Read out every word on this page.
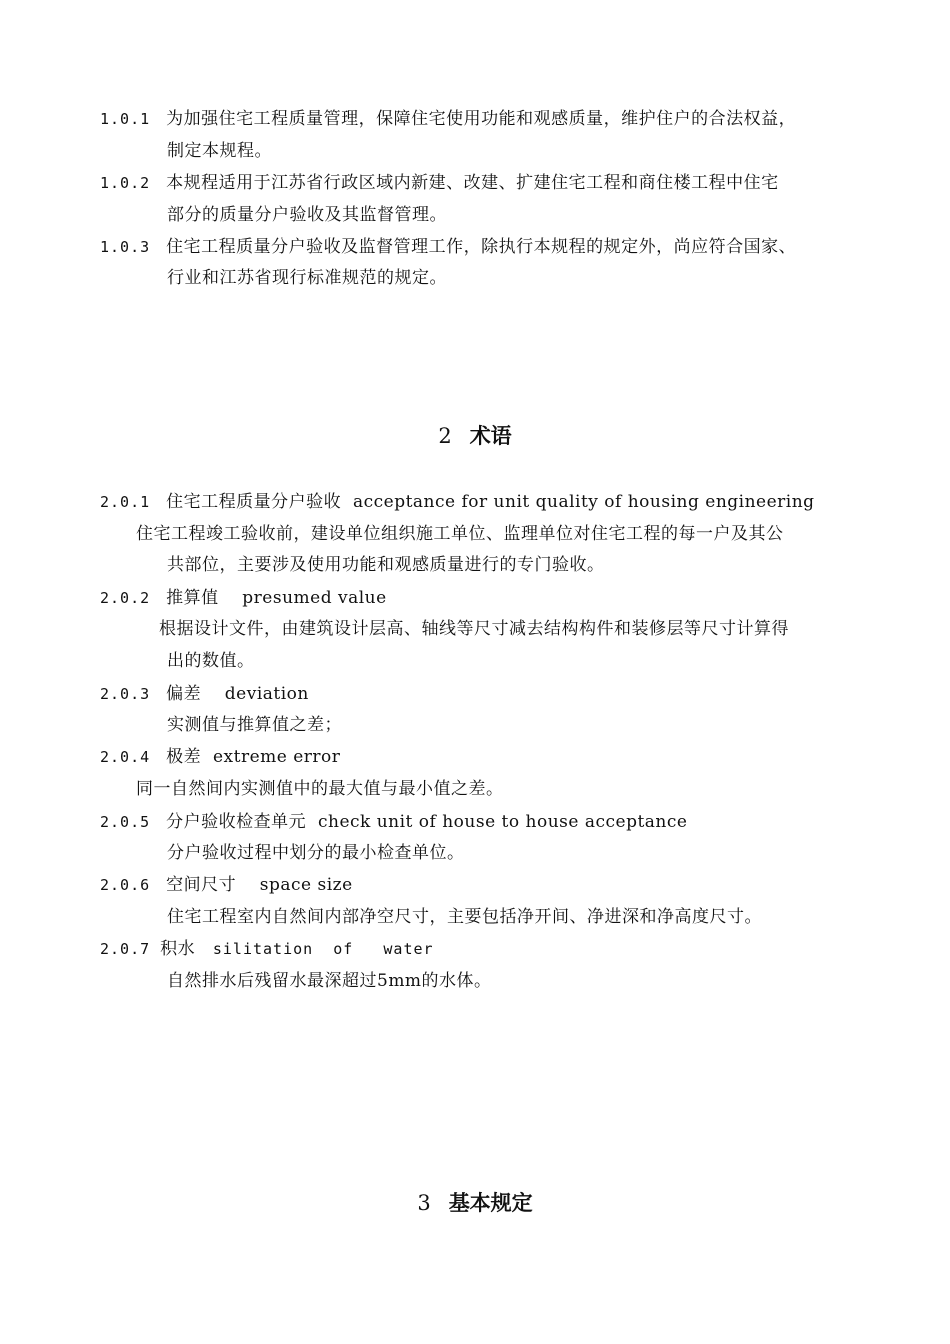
1.0.1 为加强住宅工程质量管理，保障住宅使用功能和观感质量，维护住户的合法权益，
制定本规程。
1.0.2 本规程适用于江苏省行政区域内新建、改建、扩建住宅工程和商住楼工程中住宅
部分的质量分户验收及其监督管理。
1.0.3 住宅工程质量分户验收及监督管理工作，除执行本规程的规定外，尚应符合国家、
行业和江苏省现行标准规范的规定。
2 术语
2.0.1 住宅工程质量分户验收 acceptance for unit quality of housing engineering
住宅工程竣工验收前，建设单位组织施工单位、监理单位对住宅工程的每一户及其公
共部位，主要涉及使用功能和观感质量进行的专门验收。
2.0.2 推算值 presumed value
根据设计文件，由建筑设计层高、轴线等尺寸减去结构构件和装修层等尺寸计算得
出的数值。
2.0.3 偏差 deviation
实测值与推算值之差；
2.0.4 极差 extreme error
同一自然间内实测值中的最大值与最小值之差。
2.0.5 分户验收检查单元 check unit of house to house acceptance
分户验收过程中划分的最小检查单位。
2.0.6 空间尺寸 space size
住宅工程室内自然间内部净空尺寸，主要包括净开间、净进深和净高度尺寸。
2.0.7 积水 silitation  of   water
自然排水后残留水最深超过5mm的水体。
3 基本规定
